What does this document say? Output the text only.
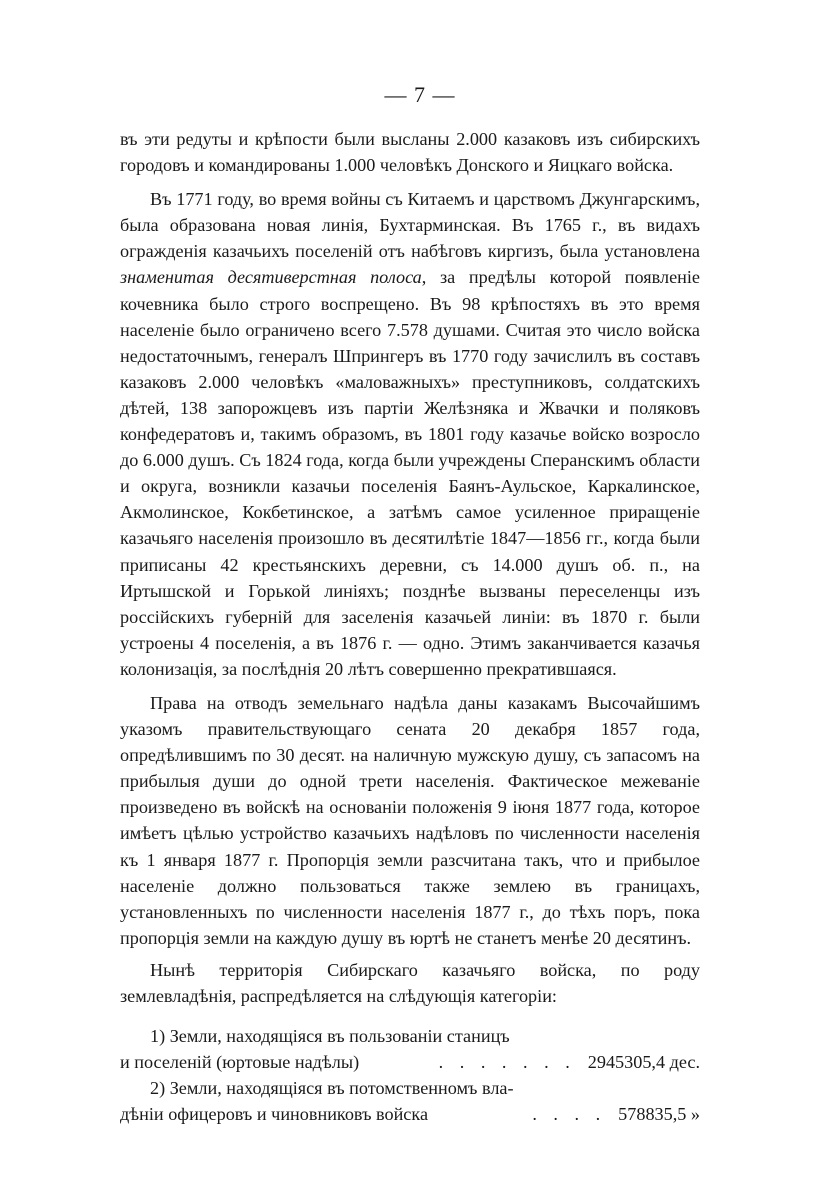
— 7 —

въ эти редуты и крѣпости были высланы 2.000 казаковъ изъ сибирскихъ городовъ и командированы 1.000 человѣкъ Донского и Яицкаго войска.

Въ 1771 году, во время войны съ Китаемъ и царствомъ Джунгарскимъ, была образована новая линія, Бухтарминская. Въ 1765 г., въ видахъ огражденія казачьихъ поселеній отъ набѣговъ киргизъ, была установлена знаменитая десятиверстная полоса, за предѣлы которой появленіе кочевника было строго воспрещено. Въ 98 крѣпостяхъ въ это время населеніе было ограничено всего 7.578 душами. Считая это число войска недостаточнымъ, генералъ Шпрингеръ въ 1770 году зачислилъ въ составъ казаковъ 2.000 человѣкъ «маловажныхъ» преступниковъ, солдатскихъ дѣтей, 138 запорожцевъ изъ партіи Желѣзняка и Жвачки и поляковъ конфедератовъ и, такимъ образомъ, въ 1801 году казачье войско возросло до 6.000 душъ. Съ 1824 года, когда были учреждены Сперанскимъ области и округа, возникли казачьи поселенія Баянъ-Аульское, Каркалинское, Акмолинское, Кокбетинское, а затѣмъ самое усиленное приращеніе казачьяго населенія произошло въ десятилѣтіе 1847—1856 гг., когда были приписаны 42 крестьянскихъ деревни, съ 14.000 душъ об. п., на Иртышской и Горькой линіяхъ; позднѣе вызваны переселенцы изъ россійскихъ губерній для заселенія казачьей линіи: въ 1870 г. были устроены 4 поселенія, а въ 1876 г. — одно. Этимъ заканчивается казачья колонизація, за послѣднія 20 лѣтъ совершенно прекратившаяся.

Права на отводъ земельнаго надѣла даны казакамъ Высочайшимъ указомъ правительствующаго сената 20 декабря 1857 года, опредѣлившимъ по 30 десят. на наличную мужскую душу, съ запасомъ на прибылыя души до одной трети населенія. Фактическое межеваніе произведено въ войскѣ на основаніи положенія 9 іюня 1877 года, которое имѣетъ цѣлью устройство казачьихъ надѣловъ по численности населенія къ 1 января 1877 г. Пропорція земли разсчитана такъ, что и прибылое населеніе должно пользоваться также землею въ границахъ, установленныхъ по численности населенія 1877 г., до тѣхъ поръ, пока пропорція земли на каждую душу въ юртѣ не станетъ менѣе 20 десятинъ.

Нынѣ территорія Сибирскаго казачьяго войска, по роду землевладѣнія, распредѣляется на слѣдующія категоріи:

1) Земли, находящіяся въ пользованіи станицъ
и поселеній (юртовые надѣлы)	. . . . . . . 2945305,4 дес.
2) Земли, находящіяся въ потомственномъ вла-
дѣніи офицеровъ и чиновниковъ войска	. . . . 578835,5 »
